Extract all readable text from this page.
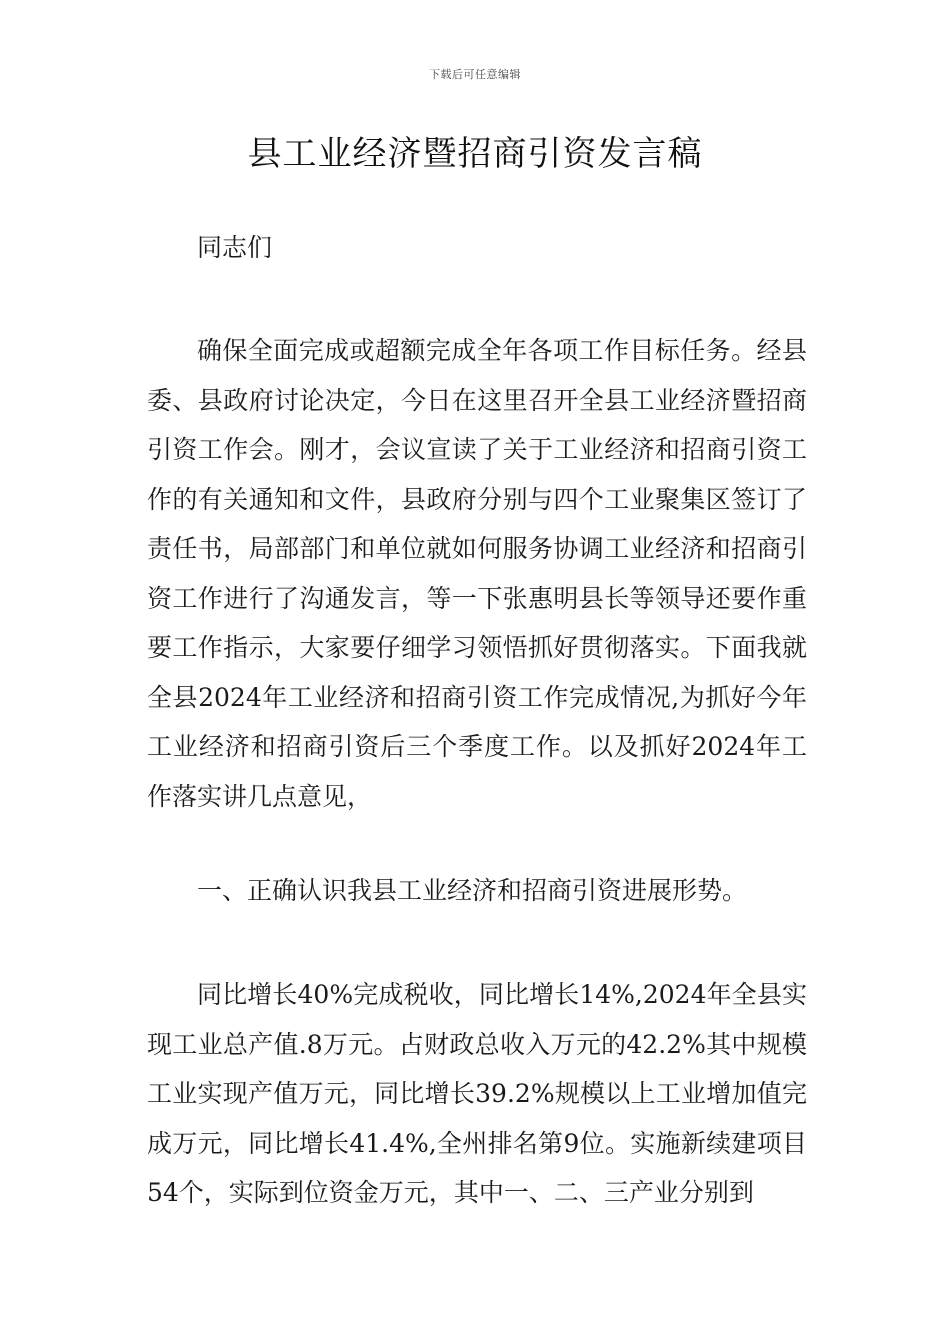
下载后可任意编辑
县工业经济暨招商引资发言稿

同志们

确保全面完成或超额完成全年各项工作目标任务。经县委、县政府讨论决定，今日在这里召开全县工业经济暨招商引资工作会。刚才，会议宣读了关于工业经济和招商引资工作的有关通知和文件，县政府分别与四个工业聚集区签订了责任书，局部部门和单位就如何服务协调工业经济和招商引资工作进行了沟通发言，等一下张惠明县长等领导还要作重要工作指示，大家要仔细学习领悟抓好贯彻落实。下面我就全县2024年工业经济和招商引资工作完成情况,为抓好今年工业经济和招商引资后三个季度工作。以及抓好2024年工作落实讲几点意见，

一、正确认识我县工业经济和招商引资进展形势。

同比增长40%完成税收，同比增长14%,2024年全县实现工业总产值.8万元。占财政总收入万元的42.2%其中规模工业实现产值万元，同比增长39.2%规模以上工业增加值完成万元，同比增长41.4%,全州排名第9位。实施新续建项目54个，实际到位资金万元，其中一、二、三产业分别到
